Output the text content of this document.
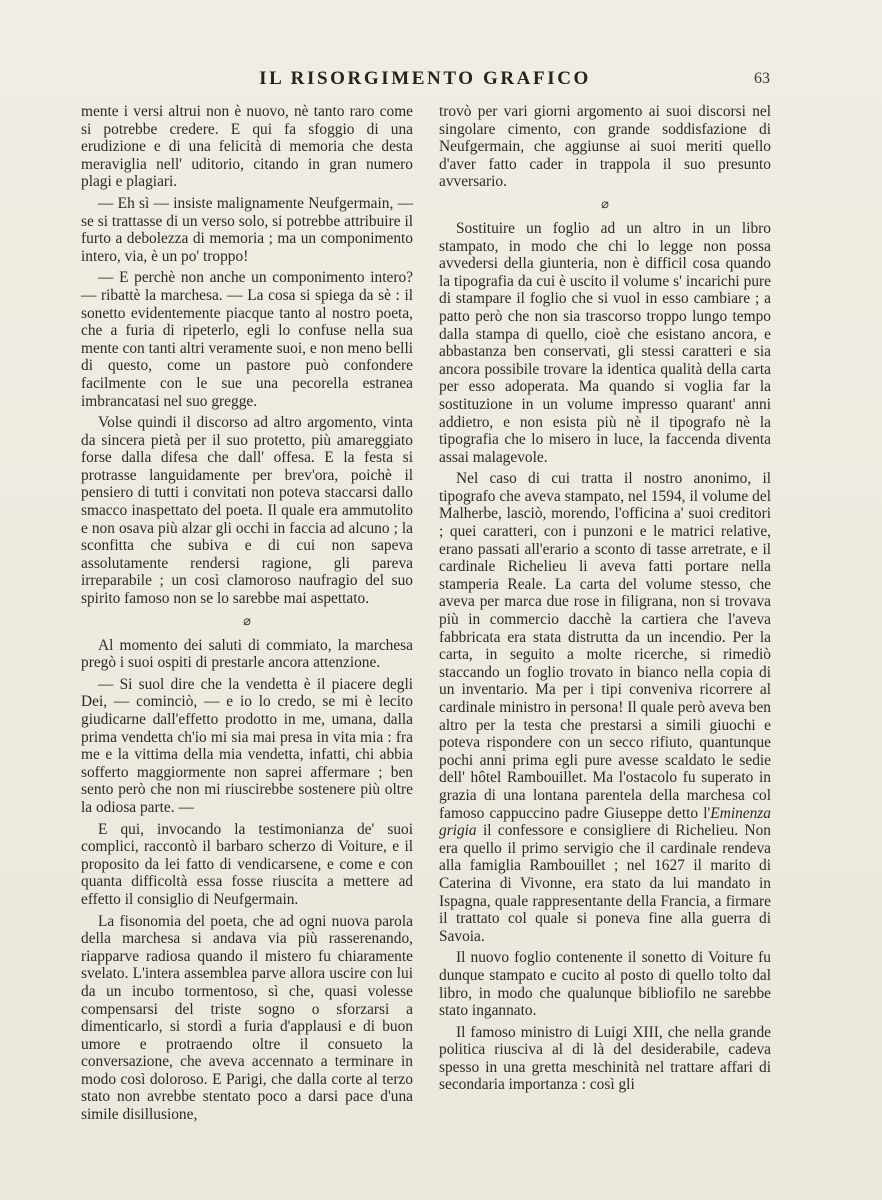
IL RISORGIMENTO GRAFICO	63

mente i versi altrui non è nuovo, nè tanto raro come si potrebbe credere. E qui fa sfoggio di una erudizione e di una felicità di memoria che desta meraviglia nell' uditorio, citando in gran numero plagi e plagiari.

— Eh sì — insiste malignamente Neufgermain, — se si trattasse di un verso solo, si potrebbe attribuire il furto a debolezza di memoria ; ma un componimento intero, via, è un po' troppo!

— E perchè non anche un componimento intero? — ribattè la marchesa. — La cosa si spiega da sè : il sonetto evidentemente piacque tanto al nostro poeta, che a furia di ripeterlo, egli lo confuse nella sua mente con tanti altri veramente suoi, e non meno belli di questo, come un pastore può confondere facilmente con le sue una pecorella estranea imbrancatasi nel suo gregge.

Volse quindi il discorso ad altro argomento, vinta da sincera pietà per il suo protetto, più amareggiato forse dalla difesa che dall' offesa. E la festa si protrasse languidamente per brev'ora, poichè il pensiero di tutti i convitati non poteva staccarsi dallo smacco inaspettato del poeta. Il quale era ammutolito e non osava più alzar gli occhi in faccia ad alcuno ; la sconfitta che subiva e di cui non sapeva assolutamente rendersi ragione, gli pareva irreparabile ; un così clamoroso naufragio del suo spirito famoso non se lo sarebbe mai aspettato.

⌀

Al momento dei saluti di commiato, la marchesa pregò i suoi ospiti di prestarle ancora attenzione.

— Si suol dire che la vendetta è il piacere degli Dei, — cominciò, — e io lo credo, se mi è lecito giudicarne dall'effetto prodotto in me, umana, dalla prima vendetta ch'io mi sia mai presa in vita mia : fra me e la vittima della mia vendetta, infatti, chi abbia sofferto maggiormente non saprei affermare ; ben sento però che non mi riuscirebbe sostenere più oltre la odiosa parte. —

E qui, invocando la testimonianza de' suoi complici, raccontò il barbaro scherzo di Voiture, e il proposito da lei fatto di vendicarsene, e come e con quanta difficoltà essa fosse riuscita a mettere ad effetto il consiglio di Neufgermain.

La fisonomia del poeta, che ad ogni nuova parola della marchesa si andava via più rasserenando, riapparve radiosa quando il mistero fu chiaramente svelato. L'intera assemblea parve allora uscire con lui da un incubo tormentoso, sì che, quasi volesse compensarsi del triste sogno o sforzarsi a dimenticarlo, si stordì a furia d'applausi e di buon umore e protraendo oltre il consueto la conversazione, che aveva accennato a terminare in modo così doloroso. E Parigi, che dalla corte al terzo stato non avrebbe stentato poco a darsi pace d'una simile disillusione,

trovò per vari giorni argomento ai suoi discorsi nel singolare cimento, con grande soddisfazione di Neufgermain, che aggiunse ai suoi meriti quello d'aver fatto cader in trappola il suo presunto avversario.

⌀

Sostituire un foglio ad un altro in un libro stampato, in modo che chi lo legge non possa avvedersi della giunteria, non è difficil cosa quando la tipografia da cui è uscito il volume s' incarichi pure di stampare il foglio che si vuol in esso cambiare ; a patto però che non sia trascorso troppo lungo tempo dalla stampa di quello, cioè che esistano ancora, e abbastanza ben conservati, gli stessi caratteri e sia ancora possibile trovare la identica qualità della carta per esso adoperata. Ma quando si voglia far la sostituzione in un volume impresso quarant' anni addietro, e non esista più nè il tipografo nè la tipografia che lo misero in luce, la faccenda diventa assai malagevole.

Nel caso di cui tratta il nostro anonimo, il tipografo che aveva stampato, nel 1594, il volume del Malherbe, lasciò, morendo, l'officina a' suoi creditori ; quei caratteri, con i punzoni e le matrici relative, erano passati all'erario a sconto di tasse arretrate, e il cardinale Richelieu li aveva fatti portare nella stamperia Reale. La carta del volume stesso, che aveva per marca due rose in filigrana, non si trovava più in commercio dacchè la cartiera che l'aveva fabbricata era stata distrutta da un incendio. Per la carta, in seguito a molte ricerche, si rimediò staccando un foglio trovato in bianco nella copia di un inventario. Ma per i tipi conveniva ricorrere al cardinale ministro in persona! Il quale però aveva ben altro per la testa che prestarsi a simili giuochi e poteva rispondere con un secco rifiuto, quantunque pochi anni prima egli pure avesse scaldato le sedie dell' hôtel Rambouillet. Ma l'ostacolo fu superato in grazia di una lontana parentela della marchesa col famoso cappuccino padre Giuseppe detto l'Eminenza grigia il confessore e consigliere di Richelieu. Non era quello il primo servigio che il cardinale rendeva alla famiglia Rambouillet ; nel 1627 il marito di Caterina di Vivonne, era stato da lui mandato in Ispagna, quale rappresentante della Francia, a firmare il trattato col quale si poneva fine alla guerra di Savoia.

Il nuovo foglio contenente il sonetto di Voiture fu dunque stampato e cucito al posto di quello tolto dal libro, in modo che qualunque bibliofilo ne sarebbe stato ingannato.

Il famoso ministro di Luigi XIII, che nella grande politica riusciva al di là del desiderabile, cadeva spesso in una gretta meschinità nel trattare affari di secondaria importanza : così gli
